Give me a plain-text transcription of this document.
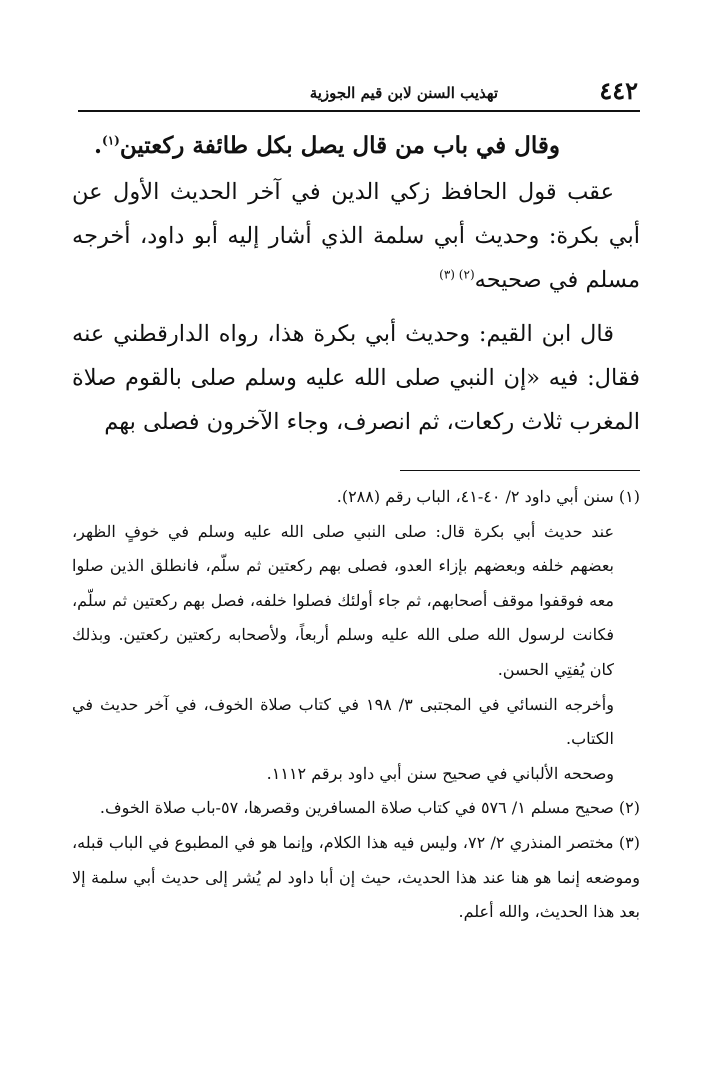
٤٤٢
تهذيب السنن لابن قيم الجوزية

وقال في باب من قال يصل بكل طائفة ركعتين$^{(١)}$.

عقب قول الحافظ زكي الدين في آخر الحديث الأول عن أبي بكرة: وحديث أبي سلمة الذي أشار إليه أبو داود، أخرجه مسلم في صحيحه$^{(٢) (٣)}$

قال ابن القيم: وحديث أبي بكرة هذا، رواه الدارقطني عنه فقال: فيه «إن النبي صلى الله عليه وسلم صلى بالقوم صلاة المغرب ثلاث ركعات، ثم انصرف، وجاء الآخرون فصلى بهم

(١) سنن أبي داود ٢/ ٤٠-٤١، الباب رقم (٢٨٨).

عند حديث أبي بكرة قال: صلى النبي صلى الله عليه وسلم في خوفٍ الظهر، بعضهم خلفه وبعضهم بإزاء العدو، فصلى بهم ركعتين ثم سلّم، فانطلق الذين صلوا معه فوقفوا موقف أصحابهم، ثم جاء أولئك فصلوا خلفه، فصل بهم ركعتين ثم سلّم، فكانت لرسول الله صلى الله عليه وسلم أربعاً، ولأصحابه ركعتين ركعتين. وبذلك كان يُفتِي الحسن.

وأخرجه النسائي في المجتبى ٣/ ١٩٨ في كتاب صلاة الخوف، في آخر حديث في الكتاب.

وصححه الألباني في صحيح سنن أبي داود برقم ١١١٢.

(٢) صحيح مسلم ١/ ٥٧٦ في كتاب صلاة المسافرين وقصرها، ٥٧-باب صلاة الخوف.

(٣) مختصر المنذري ٢/ ٧٢، وليس فيه هذا الكلام، وإنما هو في المطبوع في الباب قبله، وموضعه إنما هو هنا عند هذا الحديث، حيث إن أبا داود لم يُشر إلى حديث أبي سلمة إلا بعد هذا الحديث، والله أعلم.
